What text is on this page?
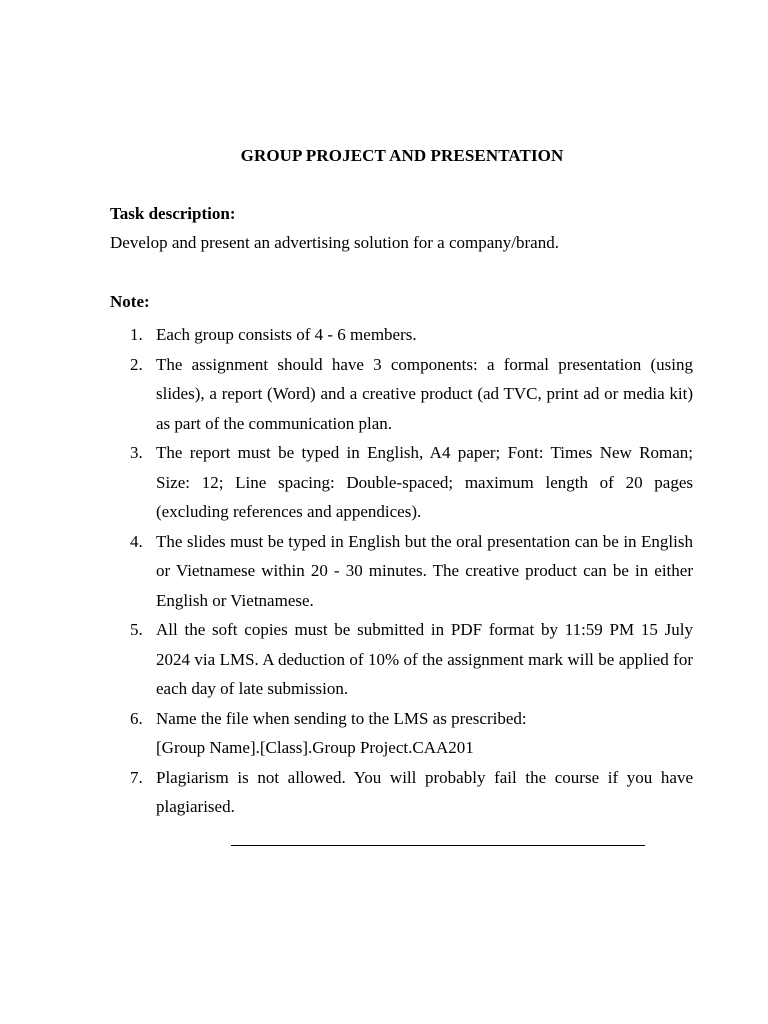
GROUP PROJECT AND PRESENTATION
Task description:
Develop and present an advertising solution for a company/brand.
Note:
1. Each group consists of 4 - 6 members.
2. The assignment should have 3 components: a formal presentation (using slides), a report (Word) and a creative product (ad TVC, print ad or media kit) as part of the communication plan.
3. The report must be typed in English, A4 paper; Font: Times New Roman; Size: 12; Line spacing: Double-spaced; maximum length of 20 pages (excluding references and appendices).
4. The slides must be typed in English but the oral presentation can be in English or Vietnamese within 20 - 30 minutes. The creative product can be in either English or Vietnamese.
5. All the soft copies must be submitted in PDF format by 11:59 PM 15 July 2024 via LMS. A deduction of 10% of the assignment mark will be applied for each day of late submission.
6. Name the file when sending to the LMS as prescribed:
[Group Name].[Class].Group Project.CAA201
7. Plagiarism is not allowed. You will probably fail the course if you have plagiarised.
